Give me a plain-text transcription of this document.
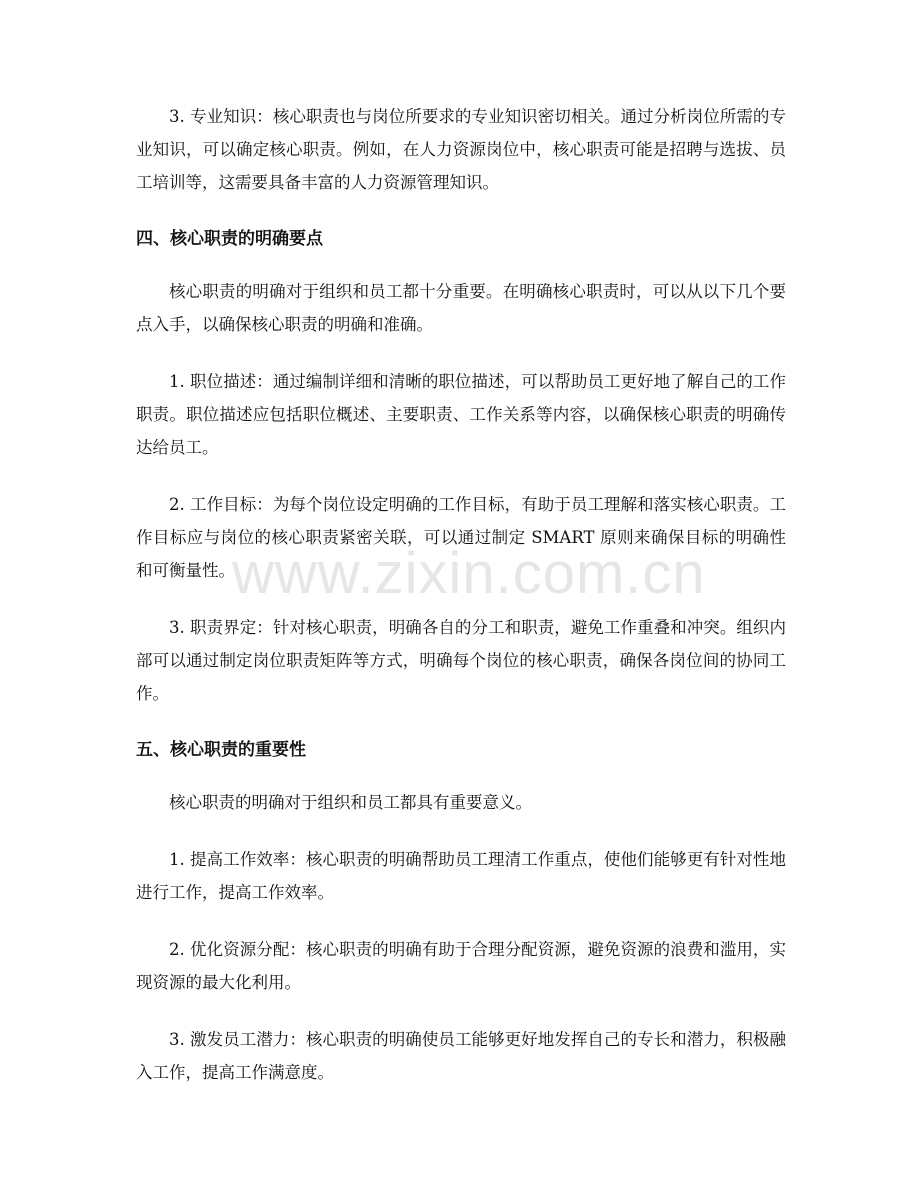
3. 专业知识：核心职责也与岗位所要求的专业知识密切相关。通过分析岗位所需的专业知识，可以确定核心职责。例如，在人力资源岗位中，核心职责可能是招聘与选拔、员工培训等，这需要具备丰富的人力资源管理知识。

四、核心职责的明确要点

核心职责的明确对于组织和员工都十分重要。在明确核心职责时，可以从以下几个要点入手，以确保核心职责的明确和准确。

1. 职位描述：通过编制详细和清晰的职位描述，可以帮助员工更好地了解自己的工作职责。职位描述应包括职位概述、主要职责、工作关系等内容，以确保核心职责的明确传达给员工。

2. 工作目标：为每个岗位设定明确的工作目标，有助于员工理解和落实核心职责。工作目标应与岗位的核心职责紧密关联，可以通过制定 SMART 原则来确保目标的明确性和可衡量性。

3. 职责界定：针对核心职责，明确各自的分工和职责，避免工作重叠和冲突。组织内部可以通过制定岗位职责矩阵等方式，明确每个岗位的核心职责，确保各岗位间的协同工作。

五、核心职责的重要性

核心职责的明确对于组织和员工都具有重要意义。

1. 提高工作效率：核心职责的明确帮助员工理清工作重点，使他们能够更有针对性地进行工作，提高工作效率。

2. 优化资源分配：核心职责的明确有助于合理分配资源，避免资源的浪费和滥用，实现资源的最大化利用。

3. 激发员工潜力：核心职责的明确使员工能够更好地发挥自己的专长和潜力，积极融入工作，提高工作满意度。

www.zixin.com.cn
